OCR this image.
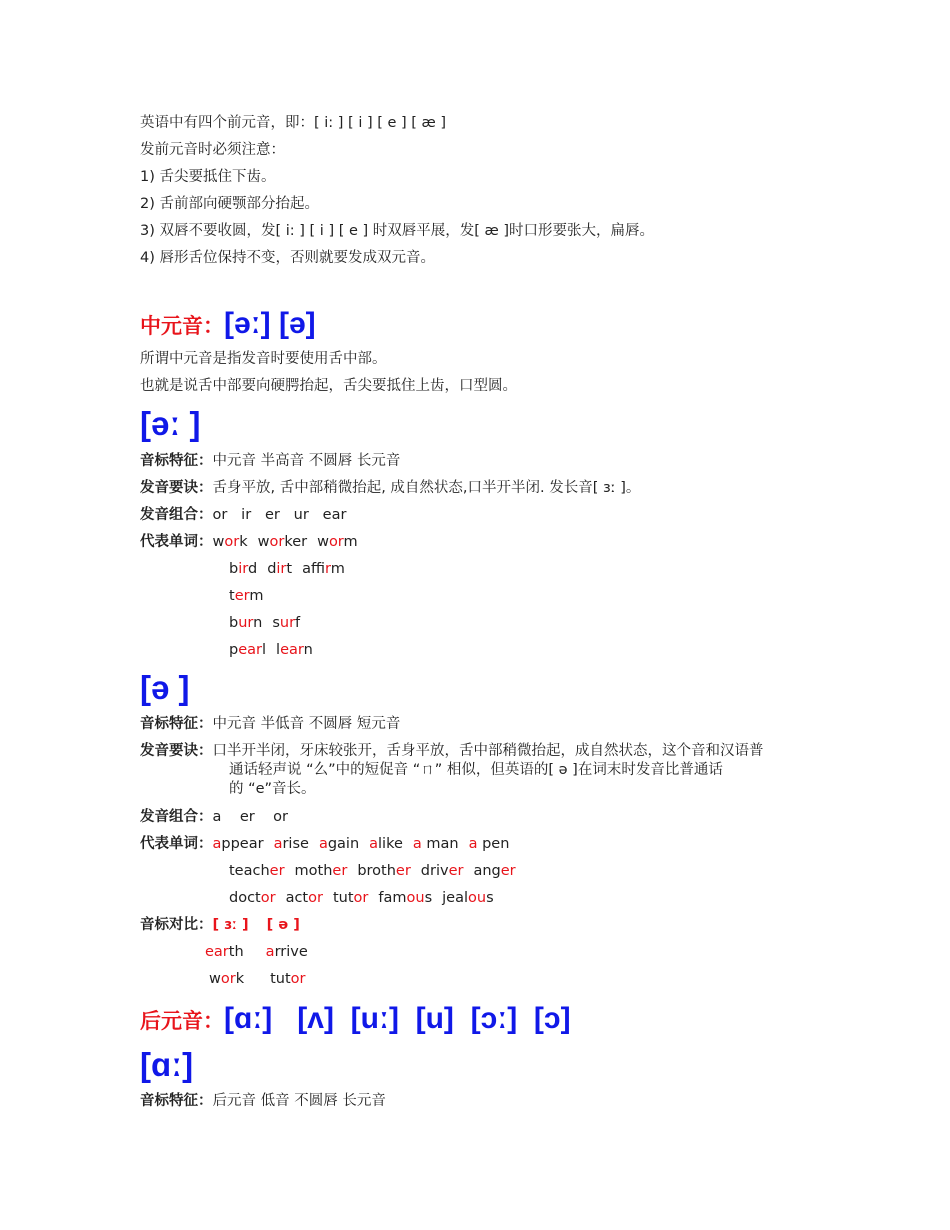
英语中有四个前元音，即：[ i: ] [ i ] [ e ] [ æ ]
发前元音时必须注意：
1) 舌尖要抵住下齿。
2) 舌前部向硬颚部分抬起。
3) 双唇不要收圆，发[ i: ] [ i ] [ e ] 时双唇平展，发[ æ ]时口形要张大，扁唇。
4) 唇形舌位保持不变，否则就要发成双元音。
中元音：[əː] [ə]
所谓中元音是指发音时要使用舌中部。
也就是说舌中部要向硬腭抬起，舌尖要抵住上齿，口型圆。
[əː ]
音标特征：中元音 半高音 不圆唇 长元音
发音要诀：舌身平放, 舌中部稍微抬起, 成自然状态,口半开半闭. 发长音[ ɜː ]。
发音组合：or   ir   er   ur   ear
代表单词：work worker worm
bird dirt affirm
term
burn surf
pearl learn
[ə ]
音标特征：中元音 半低音 不圆唇 短元音
发音要诀：口半开半闭，牙床较张开，舌身平放，舌中部稍微抬起，成自然状态，这个音和汉语普
通话轻声说 “么”中的短促音 “ㄇ” 相似，但英语的[ ə ]在词末时发音比普通话
的 “e”音长。
发音组合：a    er    or
代表单词：appear arise again alike a man a pen
teacher mother brother driver anger
doctor actor tutor famous jealous
音标对比：[ ɜː ] [ ə ]
earth arrive
work tutor
后元音：[ɑː]   [ʌ]  [uː]  [u]  [ɔː]  [ɔ]
[ɑː]
音标特征：后元音 低音 不圆唇 长元音
